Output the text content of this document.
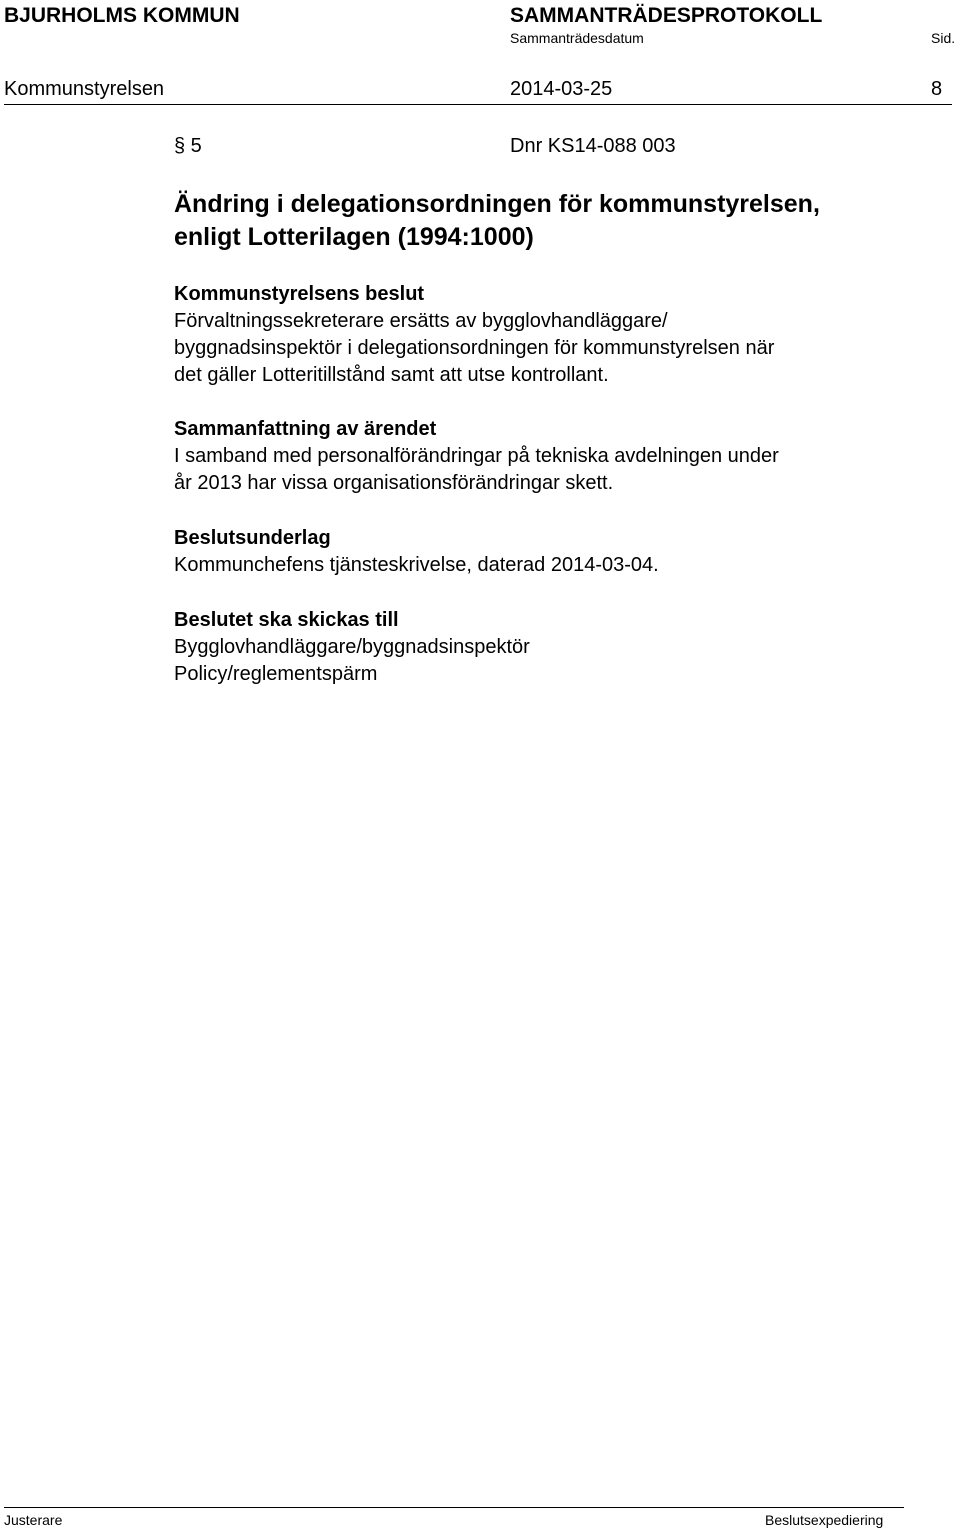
BJURHOLMS KOMMUN	SAMMANTRÄDESPROTOKOLL
Sammanträdesdatum	Sid.
Kommunstyrelsen	2014-03-25	8
§ 5	Dnr KS14-088 003
Ändring i delegationsordningen för kommunstyrelsen,
enligt Lotterilagen (1994:1000)
Kommunstyrelsens beslut
Förvaltningssekreterare ersätts av bygglovhandläggare/
byggnadsinspektör i delegationsordningen för kommunstyrelsen när
det gäller Lotteritillstånd samt att utse kontrollant.
Sammanfattning av ärendet
I samband med personalförändringar på tekniska avdelningen under
år 2013 har vissa organisationsförändringar skett.
Beslutsunderlag
Kommunchefens tjänsteskrivelse, daterad 2014-03-04.
Beslutet ska skickas till
Bygglovhandläggare/byggnadsinspektör
Policy/reglementspärm
Justerare	Beslutsexpediering
